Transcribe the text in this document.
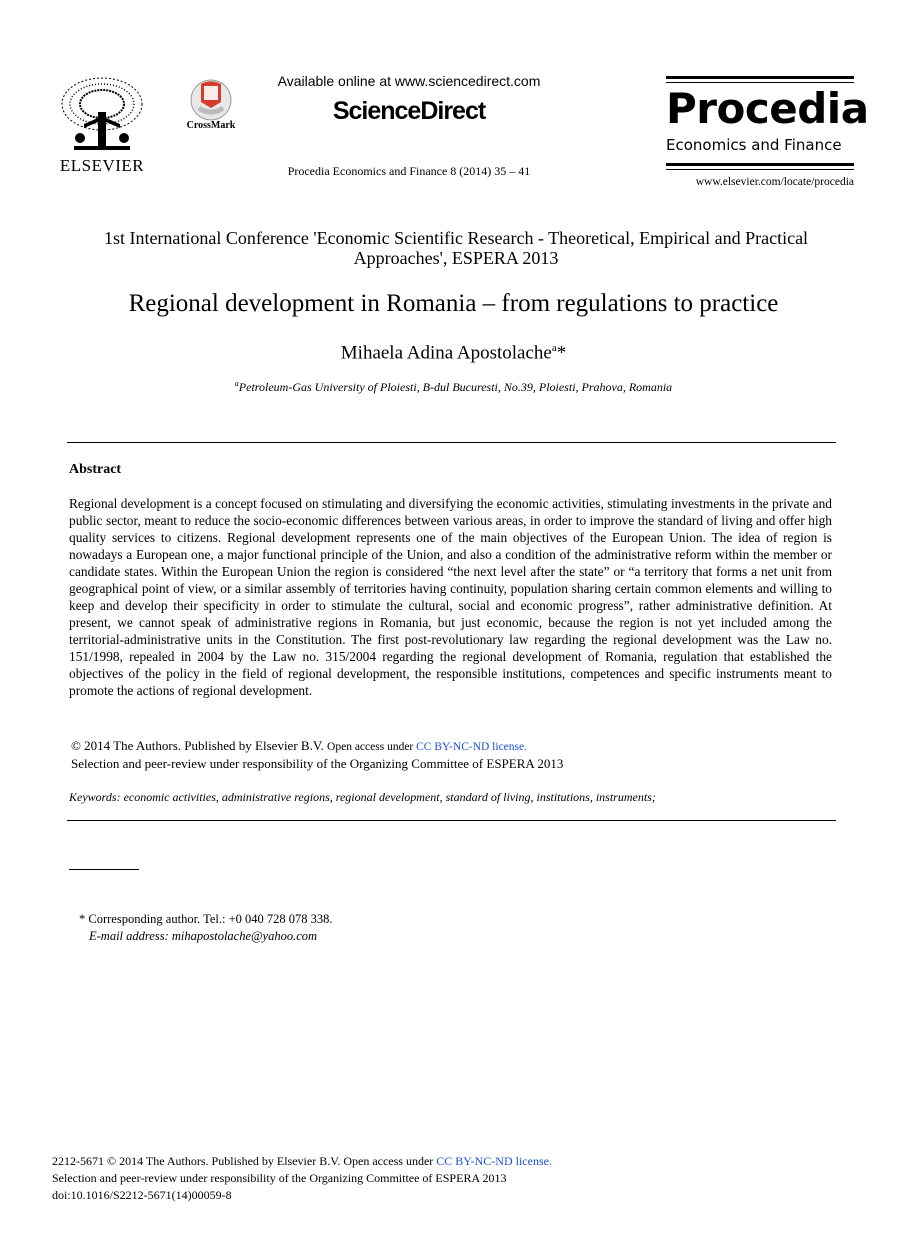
ELSEVIER
CrossMark
Available online at www.sciencedirect.com
ScienceDirect
Procedia Economics and Finance 8 (2014) 35 – 41
Procedia
Economics and Finance
www.elsevier.com/locate/procedia
1st International Conference 'Economic Scientific Research - Theoretical, Empirical and Practical Approaches', ESPERA 2013
Regional development in Romania – from regulations to practice
Mihaela Adina Apostolache$^a$*
$^a$Petroleum-Gas University of Ploiesti, B-dul Bucuresti, No.39, Ploiesti, Prahova, Romania
Abstract
Regional development is a concept focused on stimulating and diversifying the economic activities, stimulating investments in the private and public sector, meant to reduce the socio-economic differences between various areas, in order to improve the standard of living and offer high quality services to citizens. Regional development represents one of the main objectives of the European Union. The idea of region is nowadays a European one, a major functional principle of the Union, and also a condition of the administrative reform within the member or candidate states. Within the European Union the region is considered “the next level after the state” or “a territory that forms a net unit from geographical point of view, or a similar assembly of territories having continuity, population sharing certain common elements and willing to keep and develop their specificity in order to stimulate the cultural, social and economic progress”, rather administrative definition. At present, we cannot speak of administrative regions in Romania, but just economic, because the region is not yet included among the territorial-administrative units in the Constitution. The first post-revolutionary law regarding the regional development was the Law no. 151/1998, repealed in 2004 by the Law no. 315/2004 regarding the regional development of Romania, regulation that established the objectives of the policy in the field of regional development, the responsible institutions, competences and specific instruments meant to promote the actions of regional development.
© 2014 The Authors. Published by Elsevier B.V. Open access under CC BY-NC-ND license.
Selection and peer-review under responsibility of the Organizing Committee of ESPERA 2013
Keywords: economic activities, administrative regions, regional development, standard of living, institutions, instruments;
* Corresponding author. Tel.: +0 040 728 078 338.
E-mail address: mihapostolache@yahoo.com
2212-5671 © 2014 The Authors. Published by Elsevier B.V. Open access under CC BY-NC-ND license.
Selection and peer-review under responsibility of the Organizing Committee of ESPERA 2013
doi:10.1016/S2212-5671(14)00059-8
